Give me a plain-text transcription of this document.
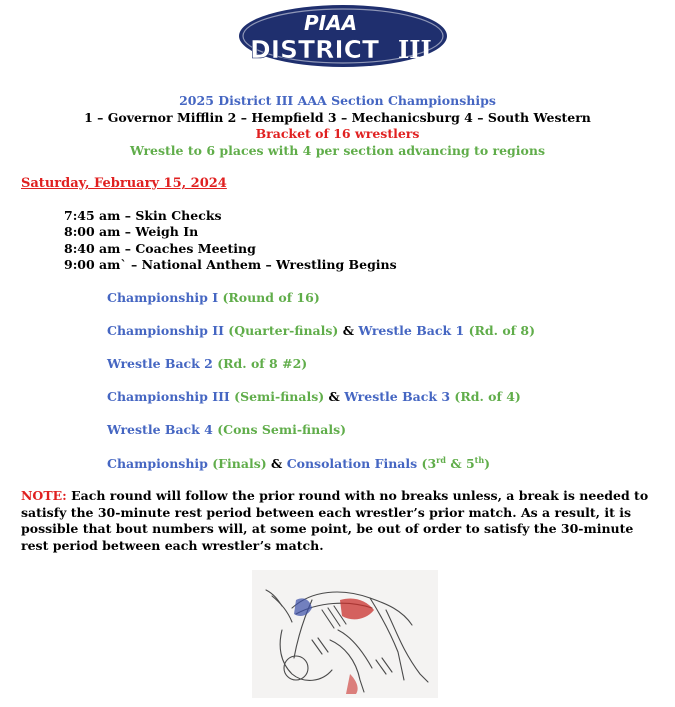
PIAA
DISTRICT III
2025 District III AAA Section Championships
1 – Governor Mifflin 2 – Hempfield 3 – Mechanicsburg 4 – South Western
Bracket of 16 wrestlers
Wrestle to 6 places with 4 per section advancing to regions
Saturday, February 15, 2024
7:45 am – Skin Checks
8:00 am – Weigh In
8:40 am – Coaches Meeting
9:00 am` – National Anthem – Wrestling Begins
Championship I (Round of 16)
Championship II (Quarter-finals) & Wrestle Back 1 (Rd. of 8)
Wrestle Back 2 (Rd. of 8 #2)
Championship III (Semi-finals) & Wrestle Back 3 (Rd. of 4)
Wrestle Back 4 (Cons Semi-finals)
Championship (Finals) & Consolation Finals (3rd & 5th)
NOTE: Each round will follow the prior round with no breaks unless, a break is needed to satisfy the 30-minute rest period between each wrestler’s prior match. As a result, it is possible that bout numbers will, at some point, be out of order to satisfy the 30-minute rest period between each wrestler’s match.
